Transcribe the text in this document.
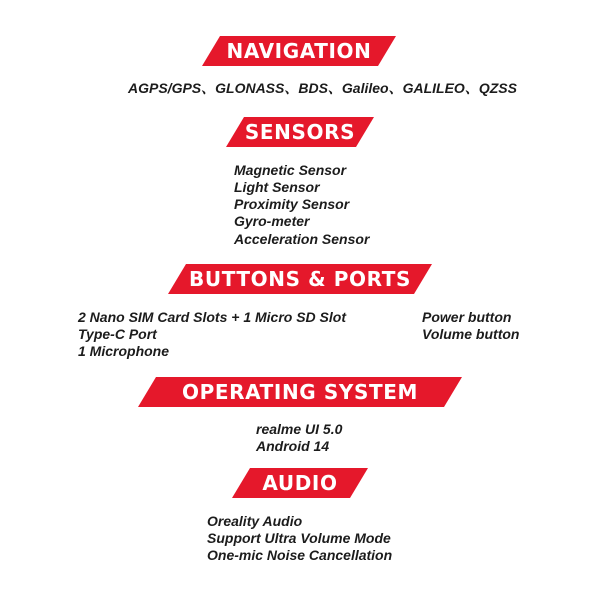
NAVIGATION
AGPS/GPS、GLONASS、BDS、Galileo、GALILEO、QZSS
SENSORS
Magnetic Sensor
Light Sensor
Proximity Sensor
Gyro-meter
Acceleration Sensor
BUTTONS & PORTS
2 Nano SIM Card Slots + 1 Micro SD Slot
Type-C Port
1 Microphone
Power button
Volume button
OPERATING SYSTEM
realme UI 5.0
Android 14
AUDIO
Oreality Audio
Support Ultra Volume Mode
One-mic Noise Cancellation
